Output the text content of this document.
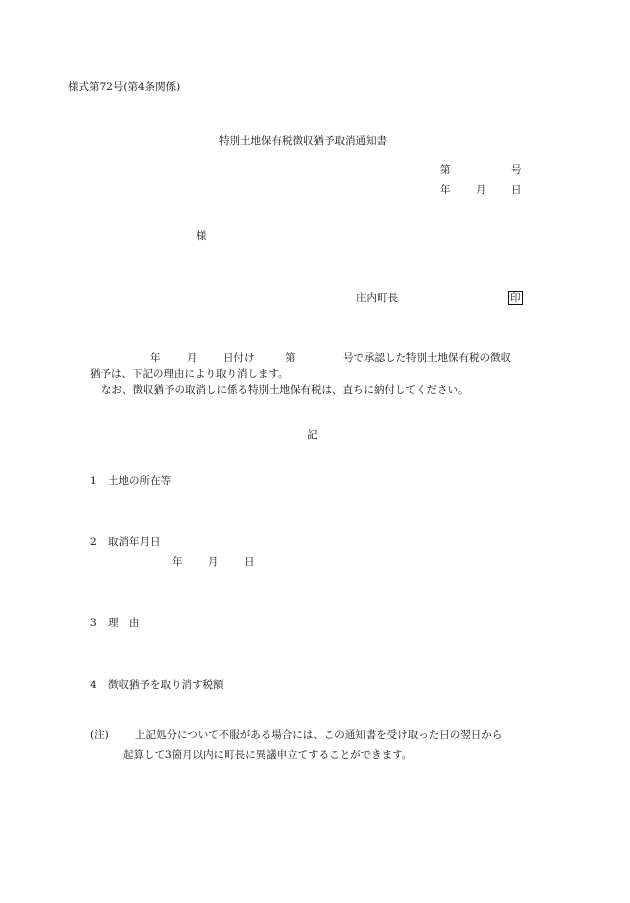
様式第72号(第4条関係)
特別土地保有税徴収猶予取消通知書
第	号
年 月 日
様
庄内町長	印
年	月 日付け	第	号で承認した特別土地保有税の徴収
猶予は、下記の理由により取り消します。
なお、徴収猶予の取消しに係る特別土地保有税は、直ちに納付してください。
記
1 土地の所在等
2 取消年月日
年 月 日
3 理　由
4 徴収猶予を取り消す税額
(注)	上記処分について不服がある場合には、この通知書を受け取った日の翌日から
起算して3箇月以内に町長に異議申立てすることができます。
